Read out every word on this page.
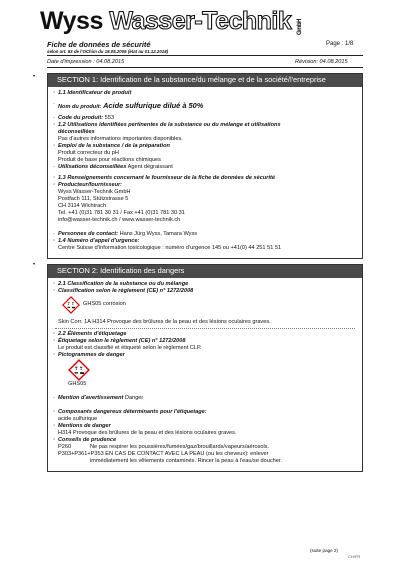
Wyss Wasser-Technik GmbH
Fiche de données de sécurité
selon art. 53 de l'OChim du 18.05.2005 (état au 01.12.2018)
Page : 1/8
Date d'impression : 04.08.2015	Révision: 04.08.2015
•
•
SECTION 1: Identification de la substance/du mélange et de la société/l'entreprise
· 1.1 Identificateur de produit
· Nom du produit: Acide sulfurique dilué à 50%
· Code du produit: 553
· 1.2 Utilisations identifiées pertinentes de la substance ou du mélange et utilisations
déconseillées
Pas d'autres informations importantes disponibles.
· Emploi de la substance / de la préparation
Produit correcteur du pH
Produit de base pour réactions chimiques
· Utilisations déconseillées Agent dégraissant
· 1.3 Renseignements concernant le fournisseur de la fiche de données de sécurité
· Producteur/fournisseur:
Wyss Wasser-Technik GmbH
Postfach 111, Stützstrasse 5
CH 3114 Wichtrach
Tel. +41 (0)31 781 30 31 / Fax +41 (0)31 781 30 31
info@wasser-technik.ch / www.wasser-technik.ch
· Personnes de contact: Hans Jürg Wyss, Tamara Wyss
· 1.4 Numéro d'appel d'urgence:
Centre Suisse d'information toxicologique : numéro d'urgence 145 ou +41(0) 44 251 51 51
SECTION 2: Identification des dangers
· 2.1 Classification de la substance ou du mélange
· Classification selon le règlement (CE) n° 1272/2008
GHS05 corrosion
Skin Corr. 1A H314 Provoque des brûlures de la peau et des lésions oculaires graves.
· 2.2 Éléments d'étiquetage
· Étiquetage selon le règlement (CE) n° 1272/2008
Le produit est classifié et étiqueté selon le règlement CLP.
· Pictogrammes de danger
GHS05
· Mention d'avertissement Danger
· Composants dangereux déterminants pour l'étiquetage:
acide sulfurique
· Mentions de danger
H314 Provoque des brûlures de la peau et des lésions oculaires graves.
· Conseils de prudence
P260	Ne pas respirer les poussières/fumées/gaz/brouillards/vapeurs/aérosols.
P303+P361+P353 EN CAS DE CONTACT AVEC LA PEAU (ou les cheveux): enlever
immédiatement les vêtements contaminés. Rincer la peau à l'eau/se doucher.
(suite page 2)
CH/FR
